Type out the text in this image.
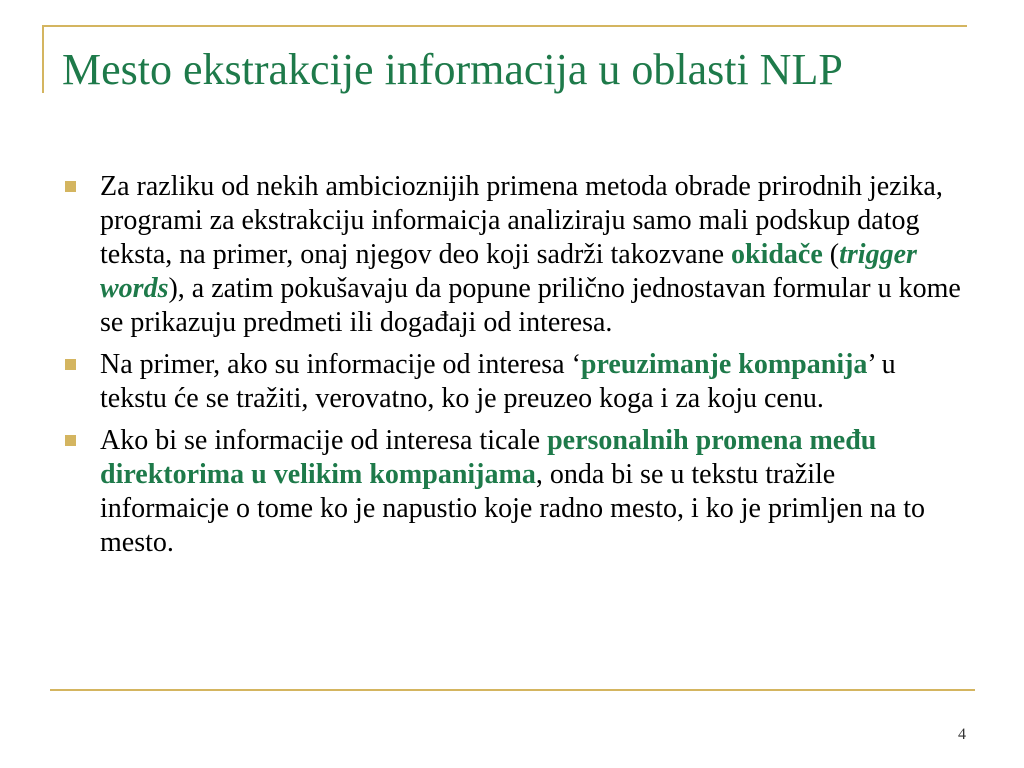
Mesto ekstrakcije informacija u oblasti NLP
Za razliku od nekih ambicioznijih primena metoda obrade prirodnih jezika, programi za ekstrakciju informaicja analiziraju samo mali podskup datog teksta, na primer, onaj njegov deo koji sadrži takozvane okidače (trigger words), a zatim pokušavaju da popune prilično jednostavan formular u kome se prikazuju predmeti ili događaji od interesa.
Na primer, ako su informacije od interesa ‘preuzimanje kompanija’ u tekstu će se tražiti, verovatno, ko je preuzeo koga i za koju cenu.
Ako bi se informacije od interesa ticale personalnih promena među direktorima u velikim kompanijama, onda bi se u tekstu tražile informaicje o tome ko je napustio koje radno mesto, i ko je primljen na to mesto.
4
